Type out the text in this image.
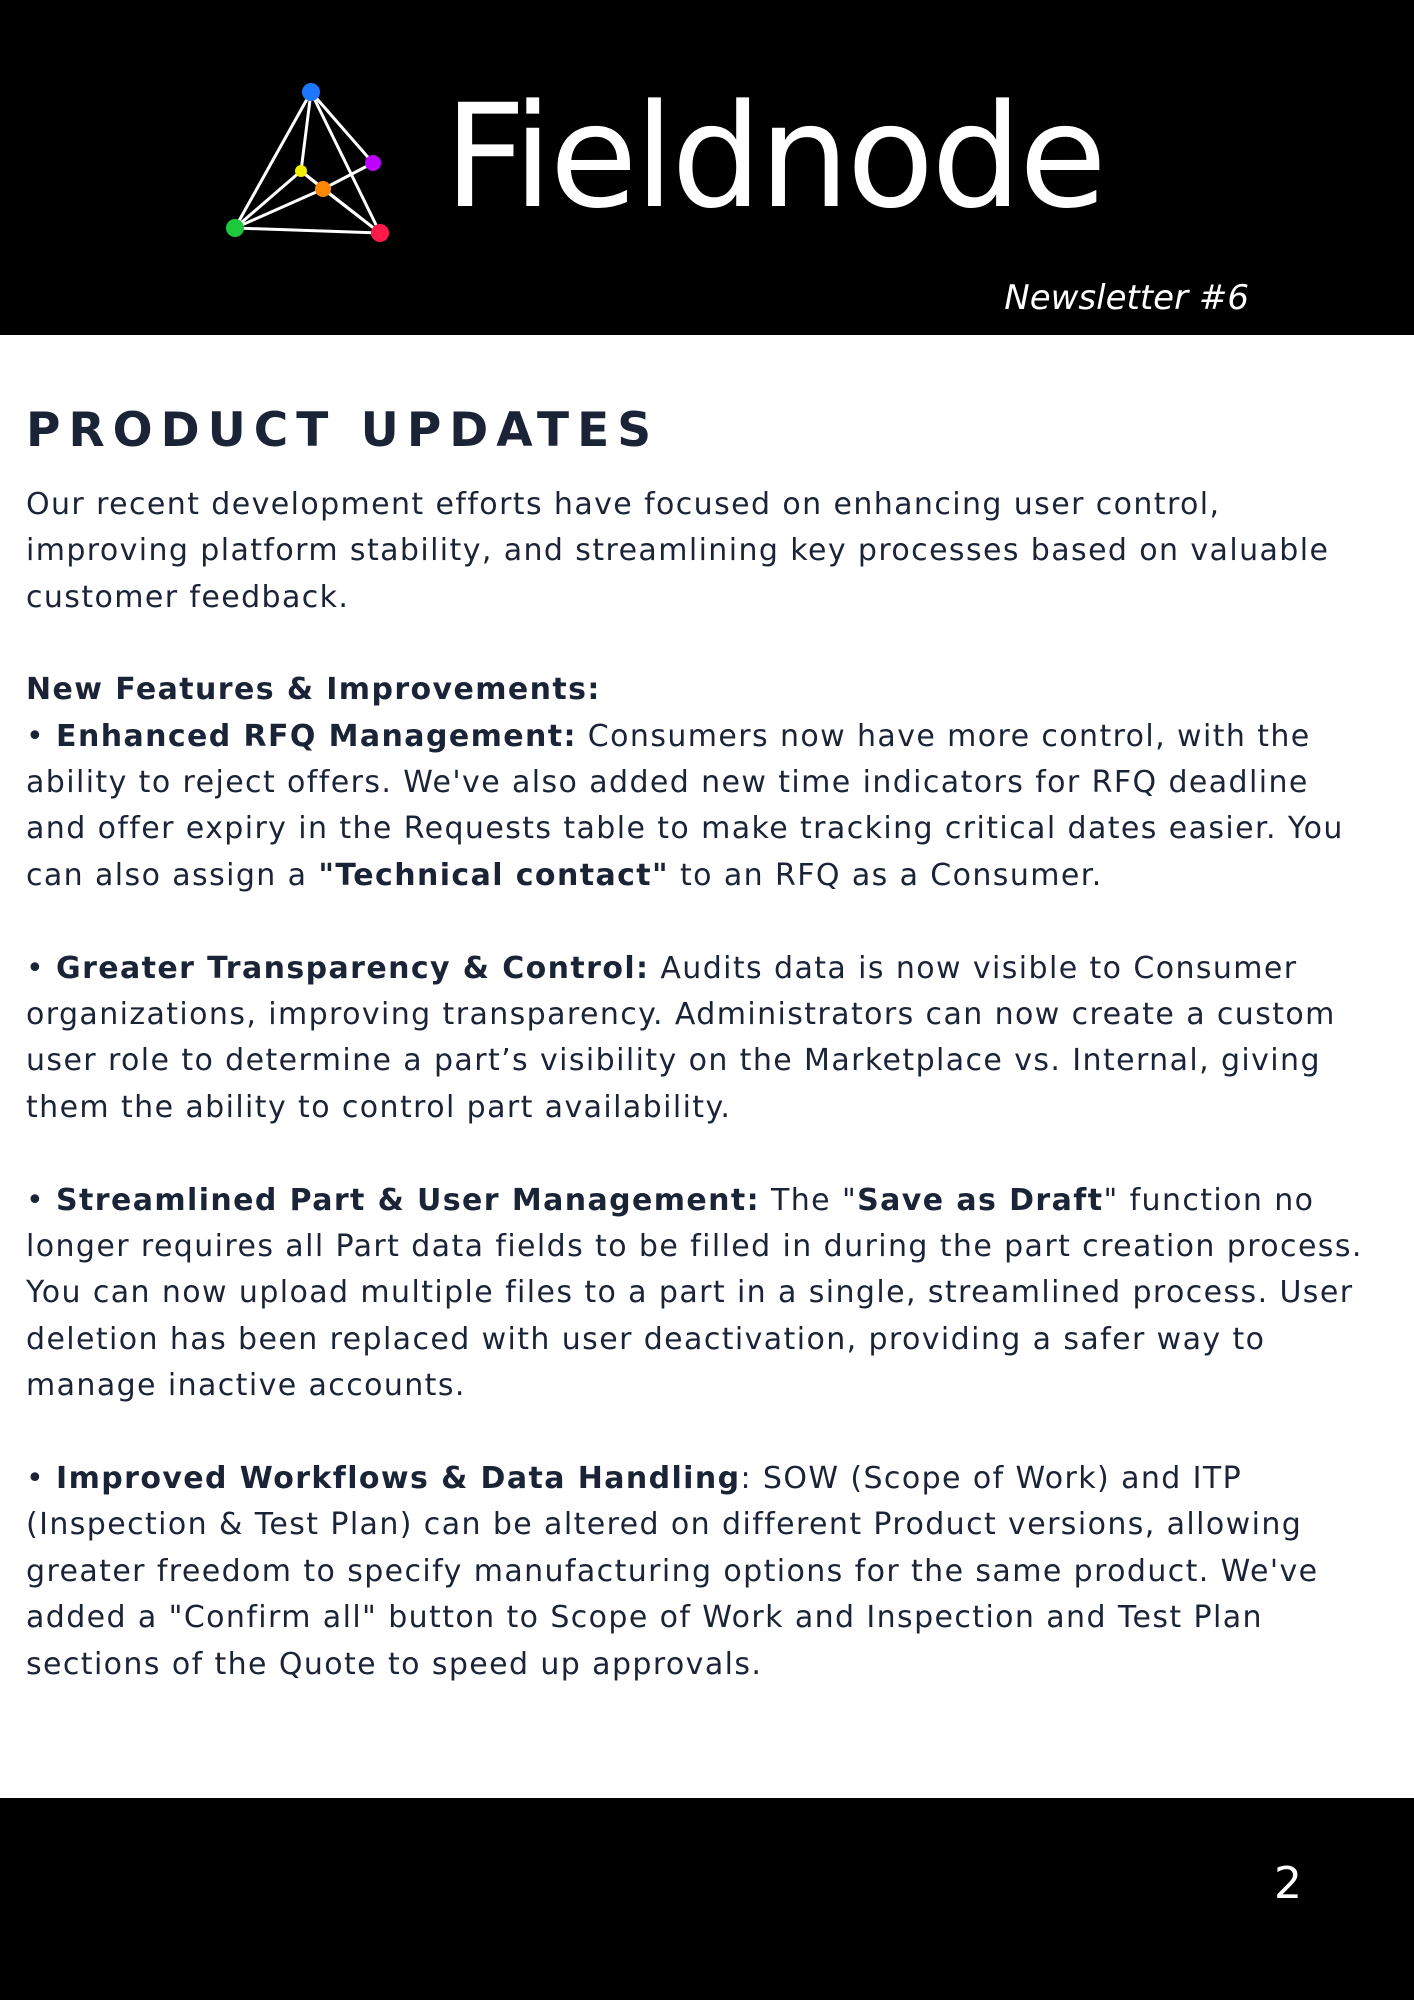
Fieldnode
Newsletter #6
PRODUCT UPDATES

Our recent development efforts have focused on enhancing user control, improving platform stability, and streamlining key processes based on valuable customer feedback.

New Features & Improvements:

• Enhanced RFQ Management: Consumers now have more control, with the ability to reject offers. We've also added new time indicators for RFQ deadline and offer expiry in the Requests table to make tracking critical dates easier. You can also assign a "Technical contact" to an RFQ as a Consumer.

• Greater Transparency & Control: Audits data is now visible to Consumer organizations, improving transparency. Administrators can now create a custom user role to determine a part’s visibility on the Marketplace vs. Internal, giving them the ability to control part availability.

• Streamlined Part & User Management: The "Save as Draft" function no longer requires all Part data fields to be filled in during the part creation process. You can now upload multiple files to a part in a single, streamlined process. User deletion has been replaced with user deactivation, providing a safer way to manage inactive accounts.

• Improved Workflows & Data Handling: SOW (Scope of Work) and ITP (Inspection & Test Plan) can be altered on different Product versions, allowing greater freedom to specify manufacturing options for the same product. We've added a "Confirm all" button to Scope of Work and Inspection and Test Plan sections of the Quote to speed up approvals.

2
